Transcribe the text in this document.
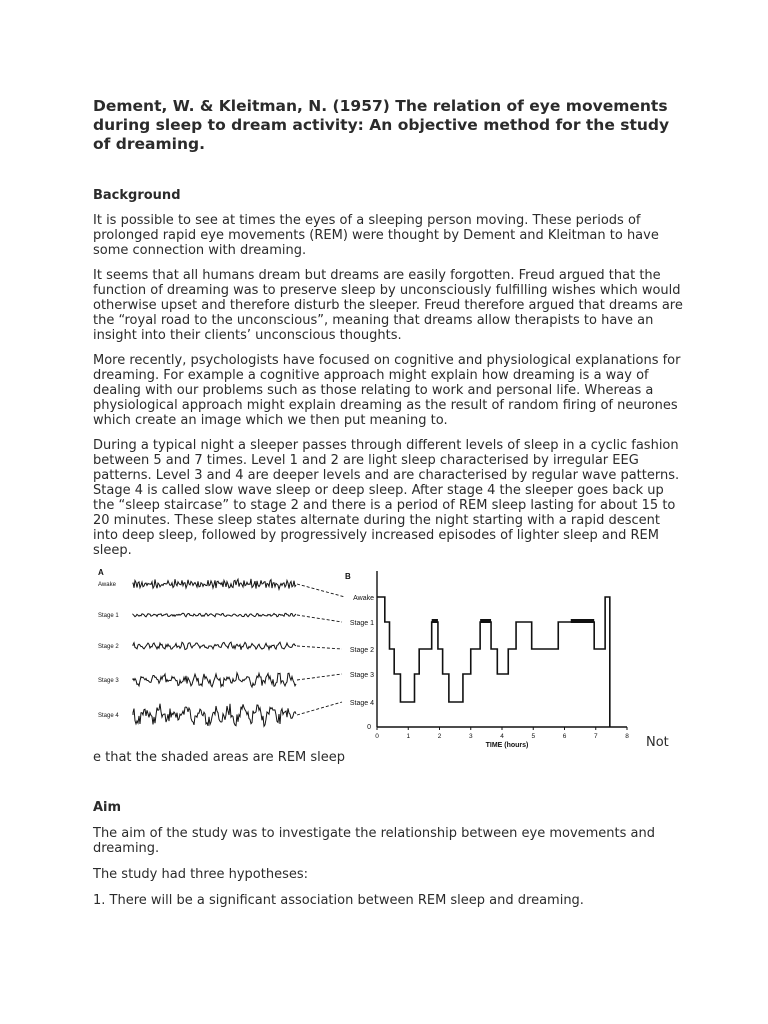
Dement, W. & Kleitman, N. (1957) The relation of eye movements during sleep to dream activity: An objective method for the study of dreaming.
Background

It is possible to see at times the eyes of a sleeping person moving. These periods of prolonged rapid eye movements (REM) were thought by Dement and Kleitman to have some connection with dreaming.

It seems that all humans dream but dreams are easily forgotten. Freud argued that the function of dreaming was to preserve sleep by unconsciously fulfilling wishes which would otherwise upset and therefore disturb the sleeper. Freud therefore argued that dreams are the “royal road to the unconscious”, meaning that dreams allow therapists to have an insight into their clients’ unconscious thoughts.

More recently, psychologists have focused on cognitive and physiological explanations for dreaming. For example a cognitive approach might explain how dreaming is a way of dealing with our problems such as those relating to work and personal life. Whereas a physiological approach might explain dreaming as the result of random firing of neurones which create an image which we then put meaning to.

During a typical night a sleeper passes through different levels of sleep in a cyclic fashion between 5 and 7 times. Level 1 and 2 are light sleep characterised by irregular EEG patterns. Level 3 and 4 are deeper levels and are characterised by regular wave patterns. Stage 4 is called slow wave sleep or deep sleep. After stage 4 the sleeper goes back up the “sleep staircase” to stage 2 and there is a period of REM sleep lasting for about 15 to 20 minutes. These sleep states alternate during the night starting with a rapid descent into deep sleep, followed by progressively increased episodes of lighter sleep and REM sleep.

A
Awake
Stage 1
Stage 2
Stage 3
Stage 4
B
Awake
Stage 1
Stage 2
Stage 3
Stage 4
0
0	1	2	3	4	5	6	7	8
TIME (hours)	Not

e that the shaded areas are REM sleep

Aim

The aim of the study was to investigate the relationship between eye movements and dreaming.

The study had three hypotheses:

1. There will be a significant association between REM sleep and dreaming.
